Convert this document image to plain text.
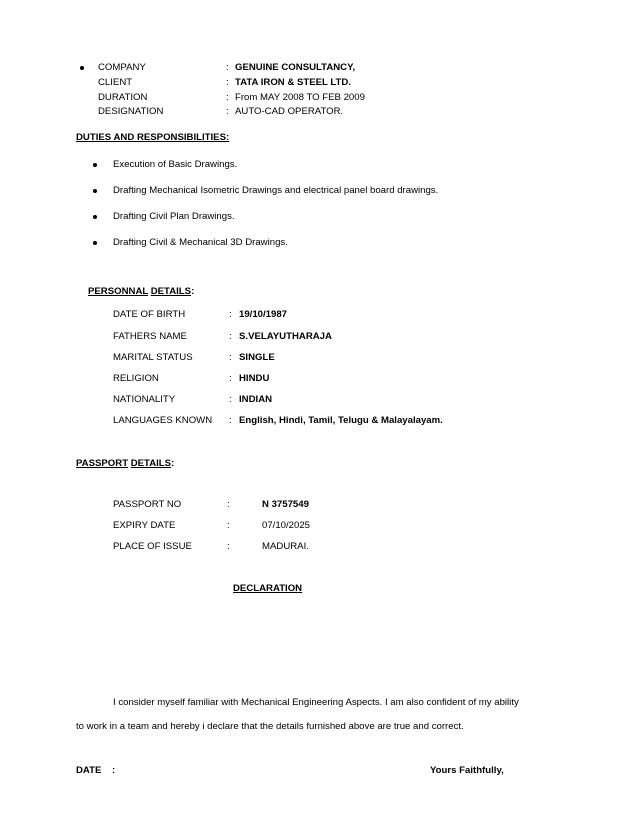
COMPANY	: GENUINE CONSULTANCY,
CLIENT	: TATA IRON & STEEL LTD.
DURATION	: From MAY 2008 TO FEB 2009
DESIGNATION	: AUTO-CAD OPERATOR.
DUTIES AND RESPONSIBILITIES:
Execution of Basic Drawings.
Drafting Mechanical Isometric Drawings and electrical panel board drawings.
Drafting Civil Plan Drawings.
Drafting Civil & Mechanical 3D Drawings.
PERSONNAL DETAILS:
DATE OF BIRTH	: 19/10/1987
FATHERS NAME	: S.VELAYUTHARAJA
MARITAL STATUS	: SINGLE
RELIGION	: HINDU
NATIONALITY	: INDIAN
LANGUAGES KNOWN : English, Hindi, Tamil, Telugu & Malayalayam.
PASSPORT DETAILS:
PASSPORT NO	:	N 3757549
EXPIRY DATE	:	07/10/2025
PLACE OF ISSUE	:	MADURAI.
DECLARATION
I consider myself familiar with Mechanical Engineering Aspects. I am also confident of my ability
to work in a team and hereby i declare that the details furnished above are true and correct.
DATE :	Yours Faithfully,
